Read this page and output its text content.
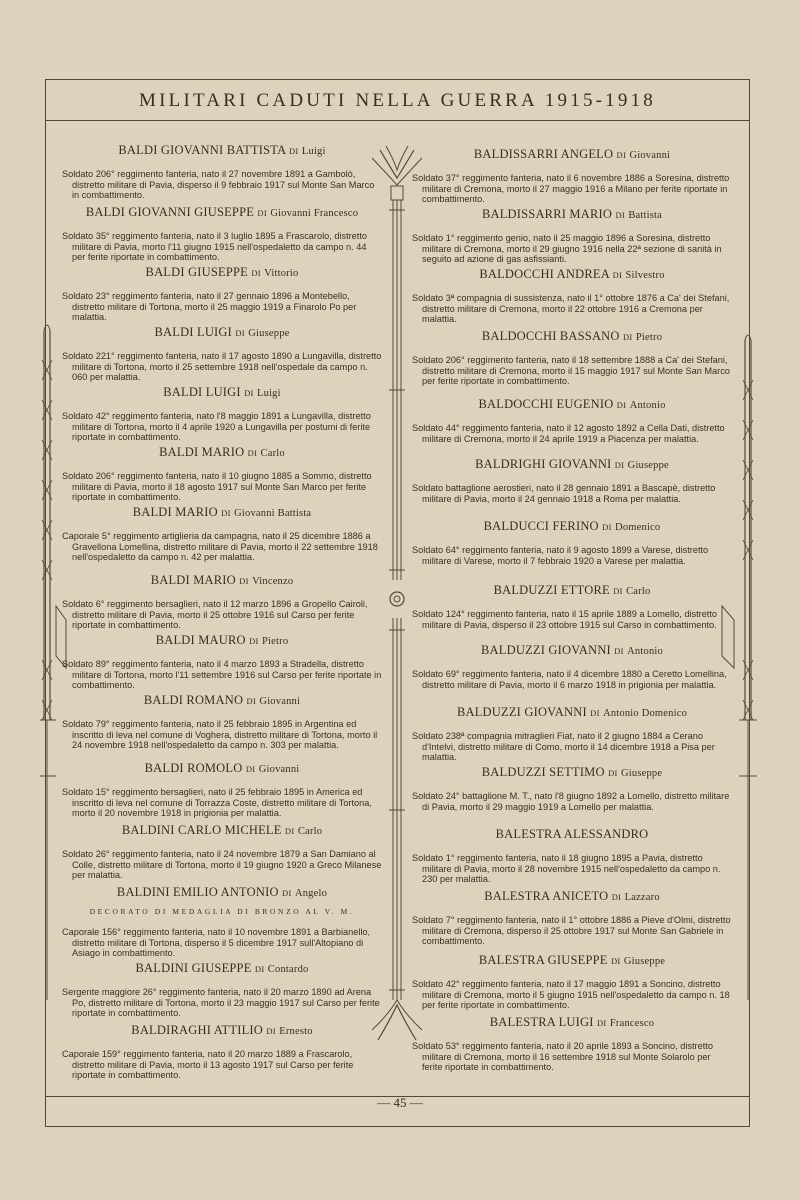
MILITARI CADUTI NELLA GUERRA 1915-1918
BALDI GIOVANNI BATTISTA DI Luigi
Soldato 206° reggimento fanteria, nato il 27 novembre 1891 a Gambolò, distretto militare di Pavia, disperso il 9 febbraio 1917 sul Monte San Marco in combattimento.
BALDI GIOVANNI GIUSEPPE DI Giovanni Francesco
Soldato 35° reggimento fanteria, nato il 3 luglio 1895 a Frascarolo, distretto militare di Pavia, morto l'11 giugno 1915 nell'ospedaletto da campo n. 44 per ferite riportate in combattimento.
BALDI GIUSEPPE DI Vittorio
Soldato 23° reggimento fanteria, nato il 27 gennaio 1896 a Montebello, distretto militare di Tortona, morto il 25 maggio 1919 a Finarolo Po per malattia.
BALDI LUIGI DI Giuseppe
Soldato 221° reggimento fanteria, nato il 17 agosto 1890 a Lungavilla, distretto militare di Tortona, morto il 25 settembre 1918 nell'ospedale da campo n. 060 per malattia.
BALDI LUIGI DI Luigi
Soldato 42° reggimento fanteria, nato l'8 maggio 1891 a Lungavilla, distretto militare di Tortona, morto il 4 aprile 1920 a Lungavilla per postumi di ferite riportate in combattimento.
BALDI MARIO DI Carlo
Soldato 206° reggimento fanteria, nato il 10 giugno 1885 a Sommo, distretto militare di Pavia, morto il 18 agosto 1917 sul Monte San Marco per ferite riportate in combattimento.
BALDI MARIO DI Giovanni Battista
Caporale 5° reggimento artiglieria da campagna, nato il 25 dicembre 1886 a Gravellona Lomellina, distretto militare di Pavia, morto il 22 settembre 1918 nell'ospedaletto da campo n. 42 per malattia.
BALDI MARIO DI Vincenzo
Soldato 6° reggimento bersaglieri, nato il 12 marzo 1896 a Gropello Cairoli, distretto militare di Pavia, morto il 25 ottobre 1916 sul Carso per ferite riportate in combattimento.
BALDI MAURO DI Pietro
Soldato 89° reggimento fanteria, nato il 4 marzo 1893 a Stradella, distretto militare di Tortona, morto l'11 settembre 1916 sul Carso per ferite riportate in combattimento.
BALDI ROMANO DI Giovanni
Soldato 79° reggimento fanteria, nato il 25 febbraio 1895 in Argentina ed inscritto di leva nel comune di Voghera, distretto militare di Tortona, morto il 24 novembre 1918 nell'ospedaletto da campo n. 303 per malattia.
BALDI ROMOLO DI Giovanni
Soldato 15° reggimento bersaglieri, nato il 25 febbraio 1895 in America ed inscritto di leva nel comune di Torrazza Coste, distretto militare di Tortona, morto il 20 novembre 1918 in prigionia per malattia.
BALDINI CARLO MICHELE DI Carlo
Soldato 26° reggimento fanteria, nato il 24 novembre 1879 a San Damiano al Colle, distretto militare di Tortona, morto il 19 giugno 1920 a Greco Milanese per malattia.
BALDINI EMILIO ANTONIO DI Angelo
DECORATO DI MEDAGLIA DI BRONZO AL V. M.
Caporale 156° reggimento fanteria, nato il 10 novembre 1891 a Barbianello, distretto militare di Tortona, disperso il 5 dicembre 1917 sull'Altopiano di Asiago in combattimento.
BALDINI GIUSEPPE DI Contardo
Sergente maggiore 26° reggimento fanteria, nato il 20 marzo 1890 ad Arena Po, distretto militare di Tortona, morto il 23 maggio 1917 sul Carso per ferite riportate in combattimento.
BALDIRAGHI ATTILIO DI Ernesto
Caporale 159° reggimento fanteria, nato il 20 marzo 1889 a Frascarolo, distretto militare di Pavia, morto il 13 agosto 1917 sul Carso per ferite riportate in combattimento.
BALDISSARRI ANGELO DI Giovanni
Soldato 37° reggimento fanteria, nato il 6 novembre 1886 a Soresina, distretto militare di Cremona, morto il 27 maggio 1916 a Milano per ferite riportate in combattimento.
BALDISSARRI MARIO DI Battista
Soldato 1° reggimento genio, nato il 25 maggio 1896 a Soresina, distretto militare di Cremona, morto il 29 giugno 1916 nella 22ª sezione di sanità in seguito ad azione di gas asfissianti.
BALDOCCHI ANDREA DI Silvestro
Soldato 3ª compagnia di sussistenza, nato il 1° ottobre 1876 a Ca' dei Stefani, distretto militare di Cremona, morto il 22 ottobre 1916 a Cremona per malattia.
BALDOCCHI BASSANO DI Pietro
Soldato 206° reggimento fanteria, nato il 18 settembre 1888 a Ca' dei Stefani, distretto militare di Cremona, morto il 15 maggio 1917 sul Monte San Marco per ferite riportate in combattimento.
BALDOCCHI EUGENIO DI Antonio
Soldato 44° reggimento fanteria, nato il 12 agosto 1892 a Cella Dati, distretto militare di Cremona, morto il 24 aprile 1919 a Piacenza per malattia.
BALDRIGHI GIOVANNI DI Giuseppe
Soldato battaglione aerostieri, nato il 28 gennaio 1891 a Bascapè, distretto militare di Pavia, morto il 24 gennaio 1918 a Roma per malattia.
BALDUCCI FERINO DI Domenico
Soldato 64° reggimento fanteria, nato il 9 agosto 1899 a Varese, distretto militare di Varese, morto il 7 febbraio 1920 a Varese per malattia.
BALDUZZI ETTORE DI Carlo
Soldato 124° reggimento fanteria, nato il 15 aprile 1889 a Lomello, distretto militare di Pavia, disperso il 23 ottobre 1915 sul Carso in combattimento.
BALDUZZI GIOVANNI DI Antonio
Soldato 69° reggimento fanteria, nato il 4 dicembre 1880 a Ceretto Lomellina, distretto militare di Pavia, morto il 6 marzo 1918 in prigionia per malattia.
BALDUZZI GIOVANNI DI Antonio Domenico
Soldato 238ª compagnia mitraglieri Fiat, nato il 2 giugno 1884 a Cerano d'Intelvi, distretto militare di Como, morto il 14 dicembre 1918 a Pisa per malattia.
BALDUZZI SETTIMO DI Giuseppe
Soldato 24° battaglione M. T., nato l'8 giugno 1892 a Lomello, distretto militare di Pavia, morto il 29 maggio 1919 a Lomello per malattia.
BALESTRA ALESSANDRO
Soldato 1° reggimento fanteria, nato il 18 giugno 1895 a Pavia, distretto militare di Pavia, morto il 28 novembre 1915 nell'ospedaletto da campo n. 230 per malattia.
BALESTRA ANICETO DI Lazzaro
Soldato 7° reggimento fanteria, nato il 1° ottobre 1886 a Pieve d'Olmi, distretto militare di Cremona, disperso il 25 ottobre 1917 sul Monte San Gabriele in combattimento.
BALESTRA GIUSEPPE DI Giuseppe
Soldato 42° reggimento fanteria, nato il 17 maggio 1891 a Soncino, distretto militare di Cremona, morto il 5 giugno 1915 nell'ospedaletto da campo n. 18 per ferite riportate in combattimento.
BALESTRA LUIGI DI Francesco
Soldato 53° reggimento fanteria, nato il 20 aprile 1893 a Soncino, distretto militare di Cremona, morto il 16 settembre 1918 sul Monte Solarolo per ferite riportate in combattimento.
— 45 —
